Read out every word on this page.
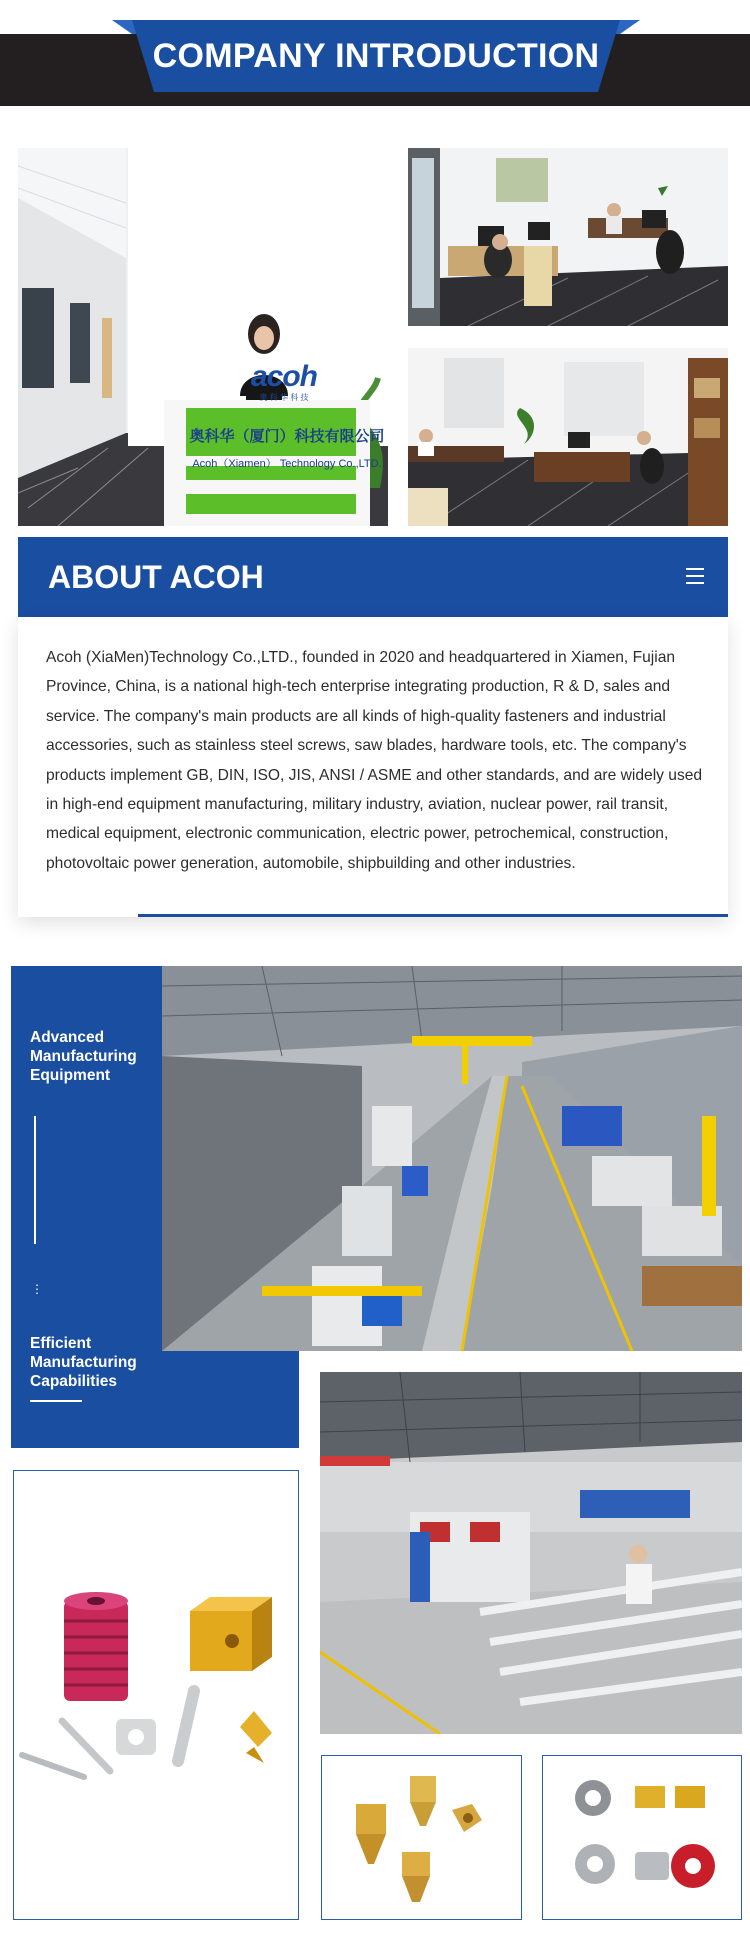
COMPANY INTRODUCTION
acoh
奥 科 华 科 技
奥科华（厦门）科技有限公司
Acoh（Xiamen） Technology Co.,LTD.
ABOUT ACOH

Acoh (XiaMen)Technology Co.,LTD., founded in 2020 and headquartered in Xiamen, Fujian Province, China, is a national high-tech enterprise integrating production, R & D, sales and service. The company's main products are all kinds of high-quality fasteners and industrial accessories, such as stainless steel screws, saw blades, hardware tools, etc. The company's products implement GB, DIN, ISO, JIS, ANSI / ASME and other standards, and are widely used in high-end equipment manufacturing, military industry, aviation, nuclear power, rail transit, medical equipment, electronic communication, electric power, petrochemical, construction, photovoltaic power generation, automobile, shipbuilding and other industries.

Advanced Manufacturing Equipment
⋮
Efficient Manufacturing Capabilities
